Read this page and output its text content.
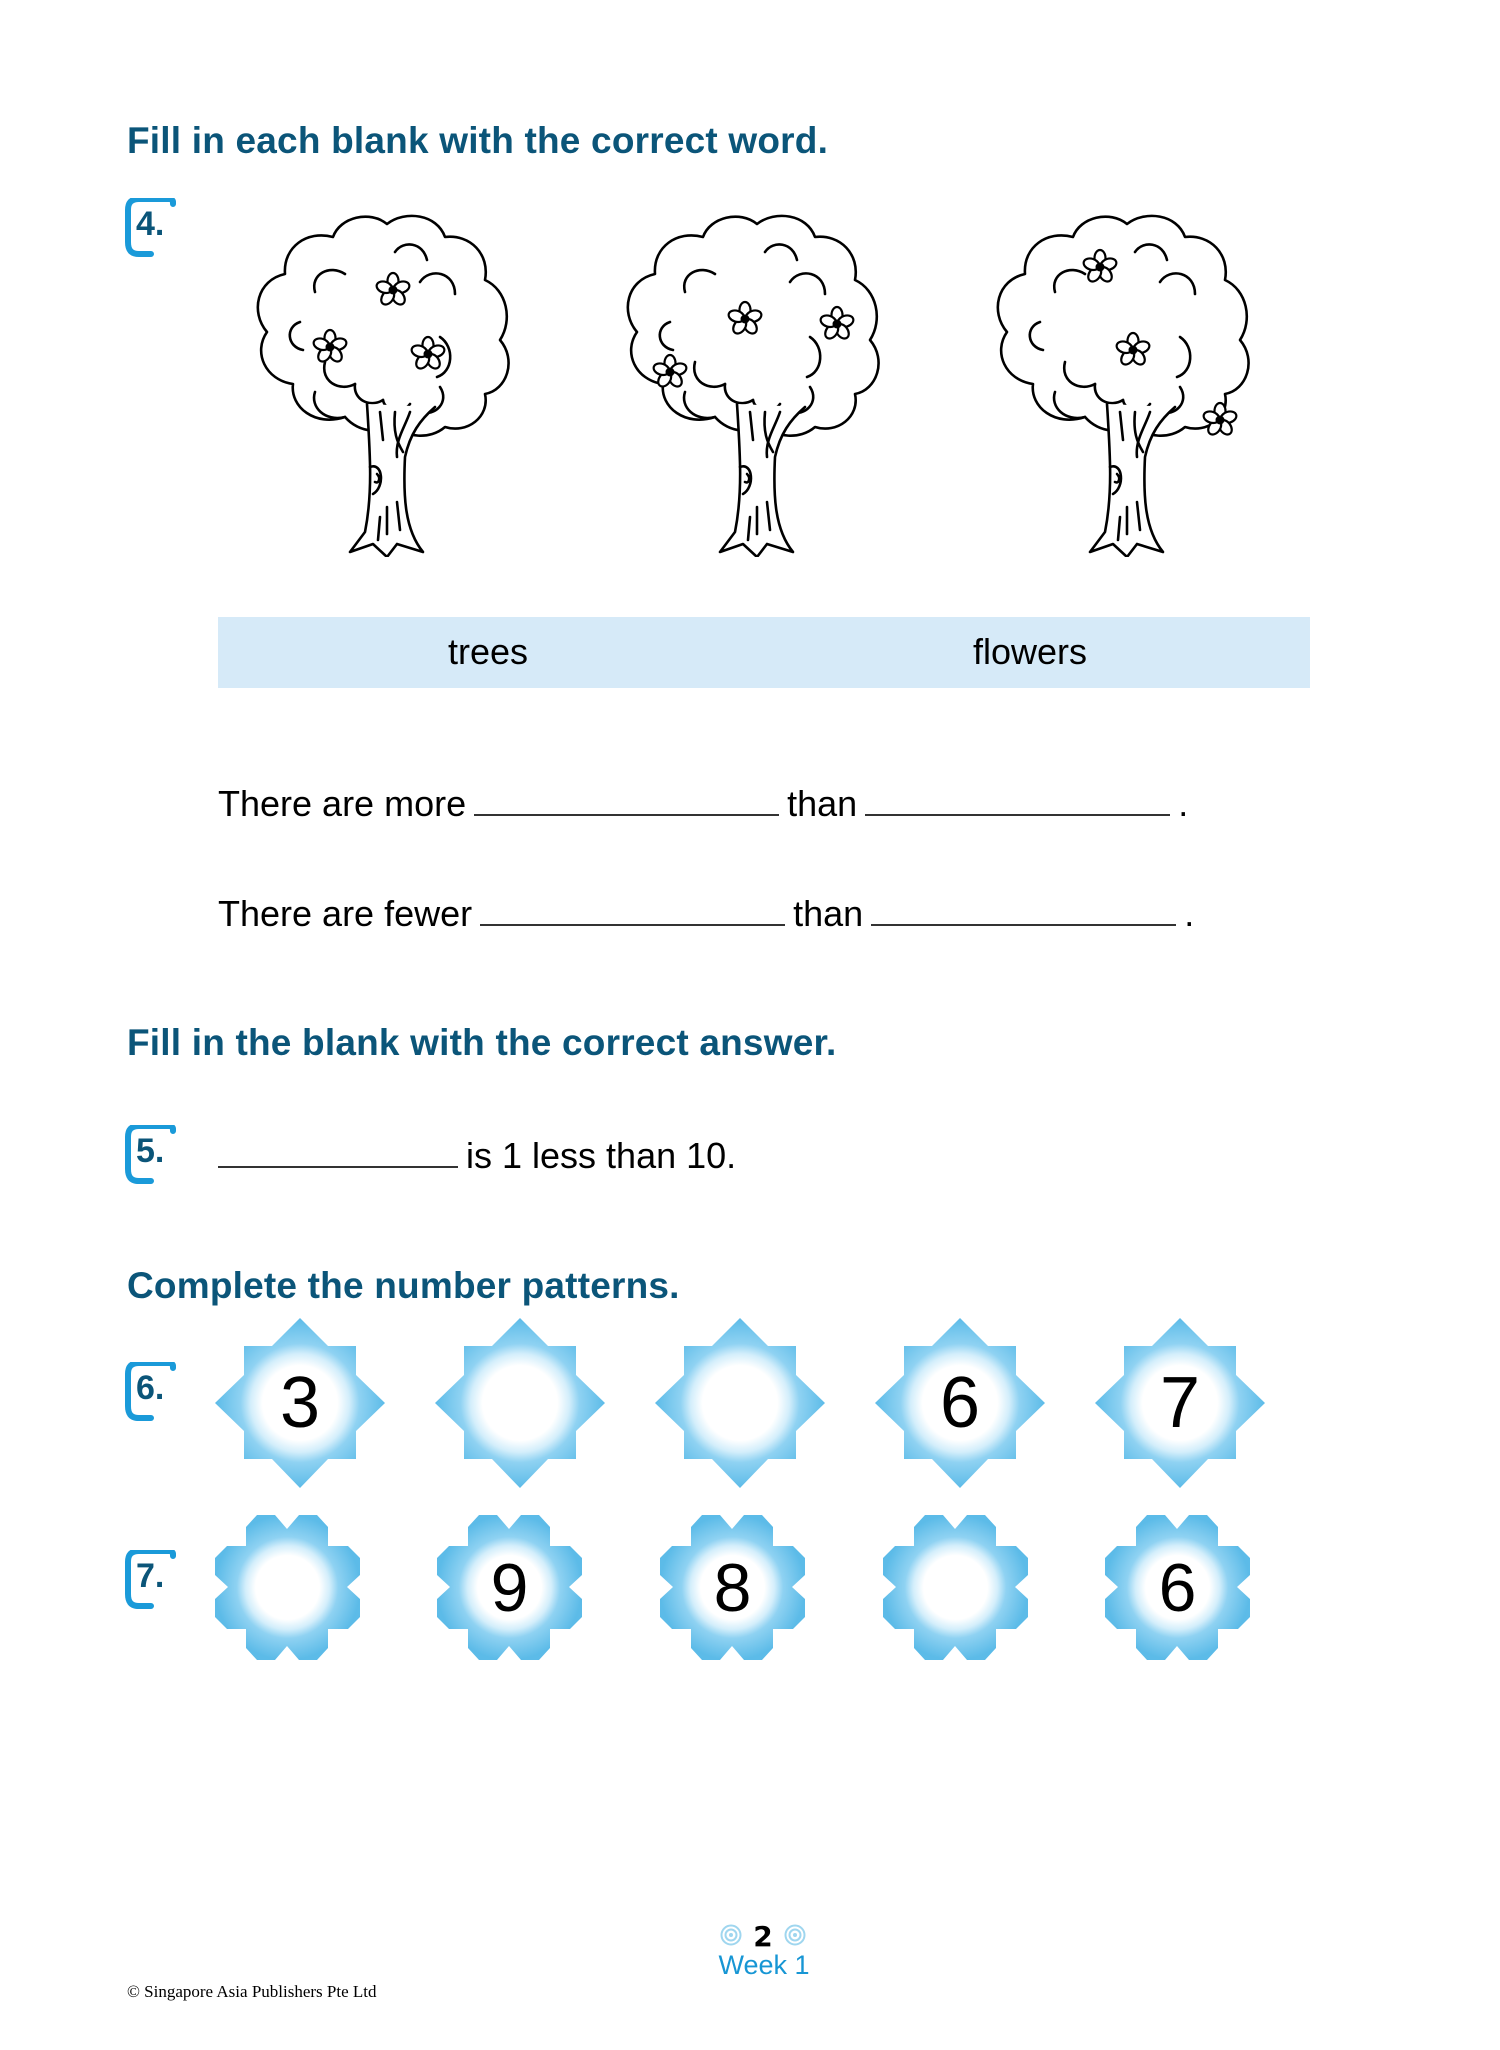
Fill in each blank with the correct word.
4.
trees	flowers
There are more	than	.
There are fewer	than	.
Fill in the blank with the correct answer.
5.	is 1 less than 10.
Complete the number patterns.
6.	3	6	7
7.	9	8	6
© Singapore Asia Publishers Pte Ltd
2
Week 1
